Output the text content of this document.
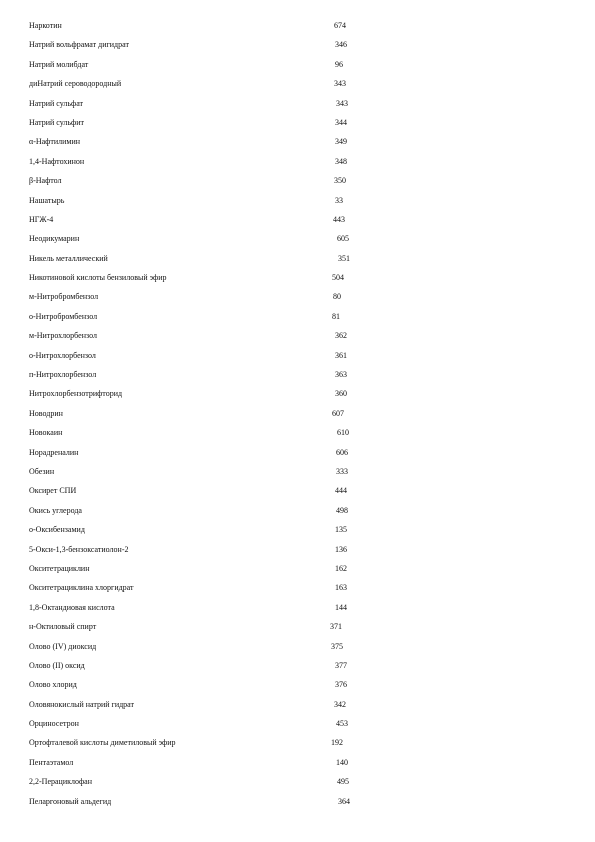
Наркотин	674
Натрий вольфрамат дигидрат	346
Натрий молибдат	96
диНатрий сероводородный	343
Натрий сульфат	343
Натрий сульфит	344
α-Нафтилимин	349
1,4-Нафтохинон	348
β-Нафтол	350
Нашатырь	33
НГЖ-4	443
Неодикумарин	605
Никель металлический	351
Никотиновой кислоты бензиловый эфир	504
м-Нитробромбензол	80
о-Нитробромбензол	81
м-Нитрохлорбензол	362
о-Нитрохлорбензол	361
п-Нитрохлорбензол	363
Нитрохлорбензотрифторид	360
Новодрин	607
Новокаин	610
Норадреналин	606
Обезин	333
Оксирет СПИ	444
Окись углерода	498
о-Оксибензамид	135
5-Окси-1,3-бензоксатиолон-2	136
Окситетрациклин	162
Окситетрациклина хлоргидрат	163
1,8-Октандиовая кислота	144
н-Октиловый спирт	371
Олово (IV) диоксид	375
Олово (II) оксид	377
Олово хлорид	376
Оловянокислый натрий гидрат	342
Орциносетрон	453
Ортофталевой кислоты диметиловый эфир	192
Пентаэтамол	140
2,2-Перациклофан	495
Пеларгоновый альдегид	364
